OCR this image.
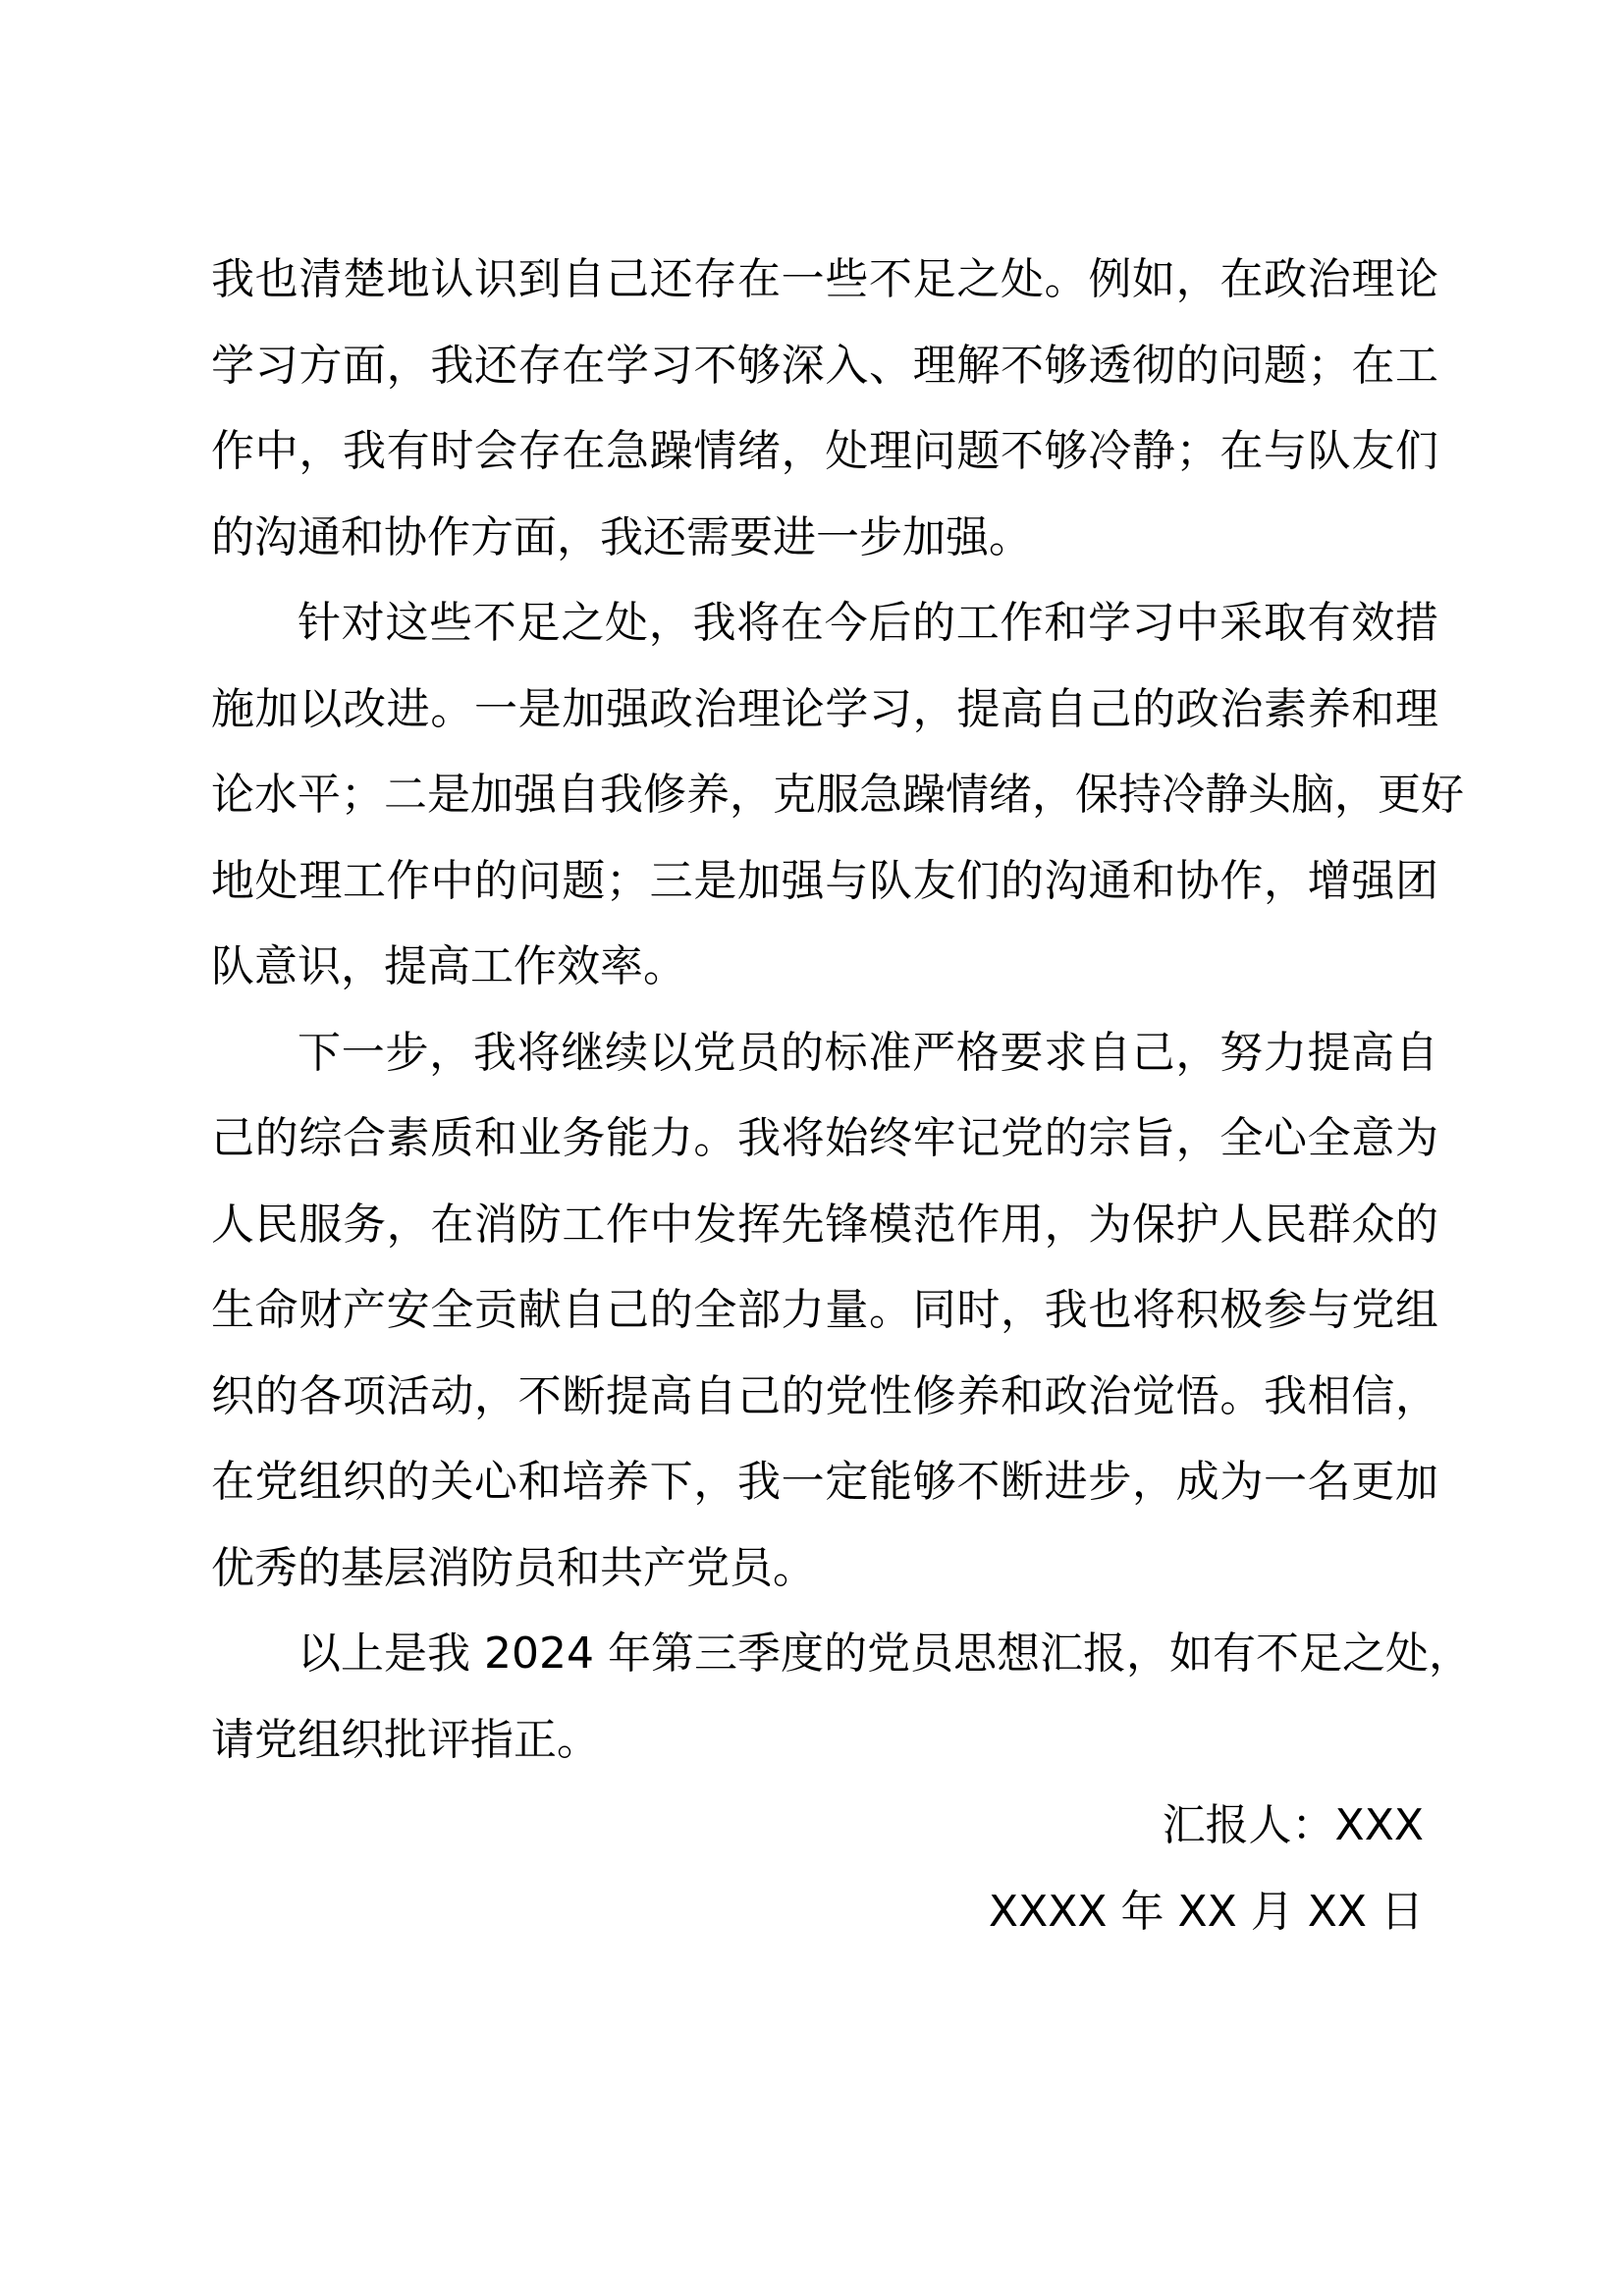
我也清楚地认识到自己还存在一些不足之处。例如，在政治理论
学习方面，我还存在学习不够深入、理解不够透彻的问题；在工
作中，我有时会存在急躁情绪，处理问题不够冷静；在与队友们
的沟通和协作方面，我还需要进一步加强。
针对这些不足之处，我将在今后的工作和学习中采取有效措
施加以改进。一是加强政治理论学习，提高自己的政治素养和理
论水平；二是加强自我修养，克服急躁情绪，保持冷静头脑，更好
地处理工作中的问题；三是加强与队友们的沟通和协作，增强团
队意识，提高工作效率。
下一步，我将继续以党员的标准严格要求自己，努力提高自
己的综合素质和业务能力。我将始终牢记党的宗旨，全心全意为
人民服务，在消防工作中发挥先锋模范作用，为保护人民群众的
生命财产安全贡献自己的全部力量。同时，我也将积极参与党组
织的各项活动，不断提高自己的党性修养和政治觉悟。我相信，
在党组织的关心和培养下，我一定能够不断进步，成为一名更加
优秀的基层消防员和共产党员。
以上是我 2024 年第三季度的党员思想汇报，如有不足之处，
请党组织批评指正。
汇报人：XXX
XXXX 年 XX 月 XX 日
